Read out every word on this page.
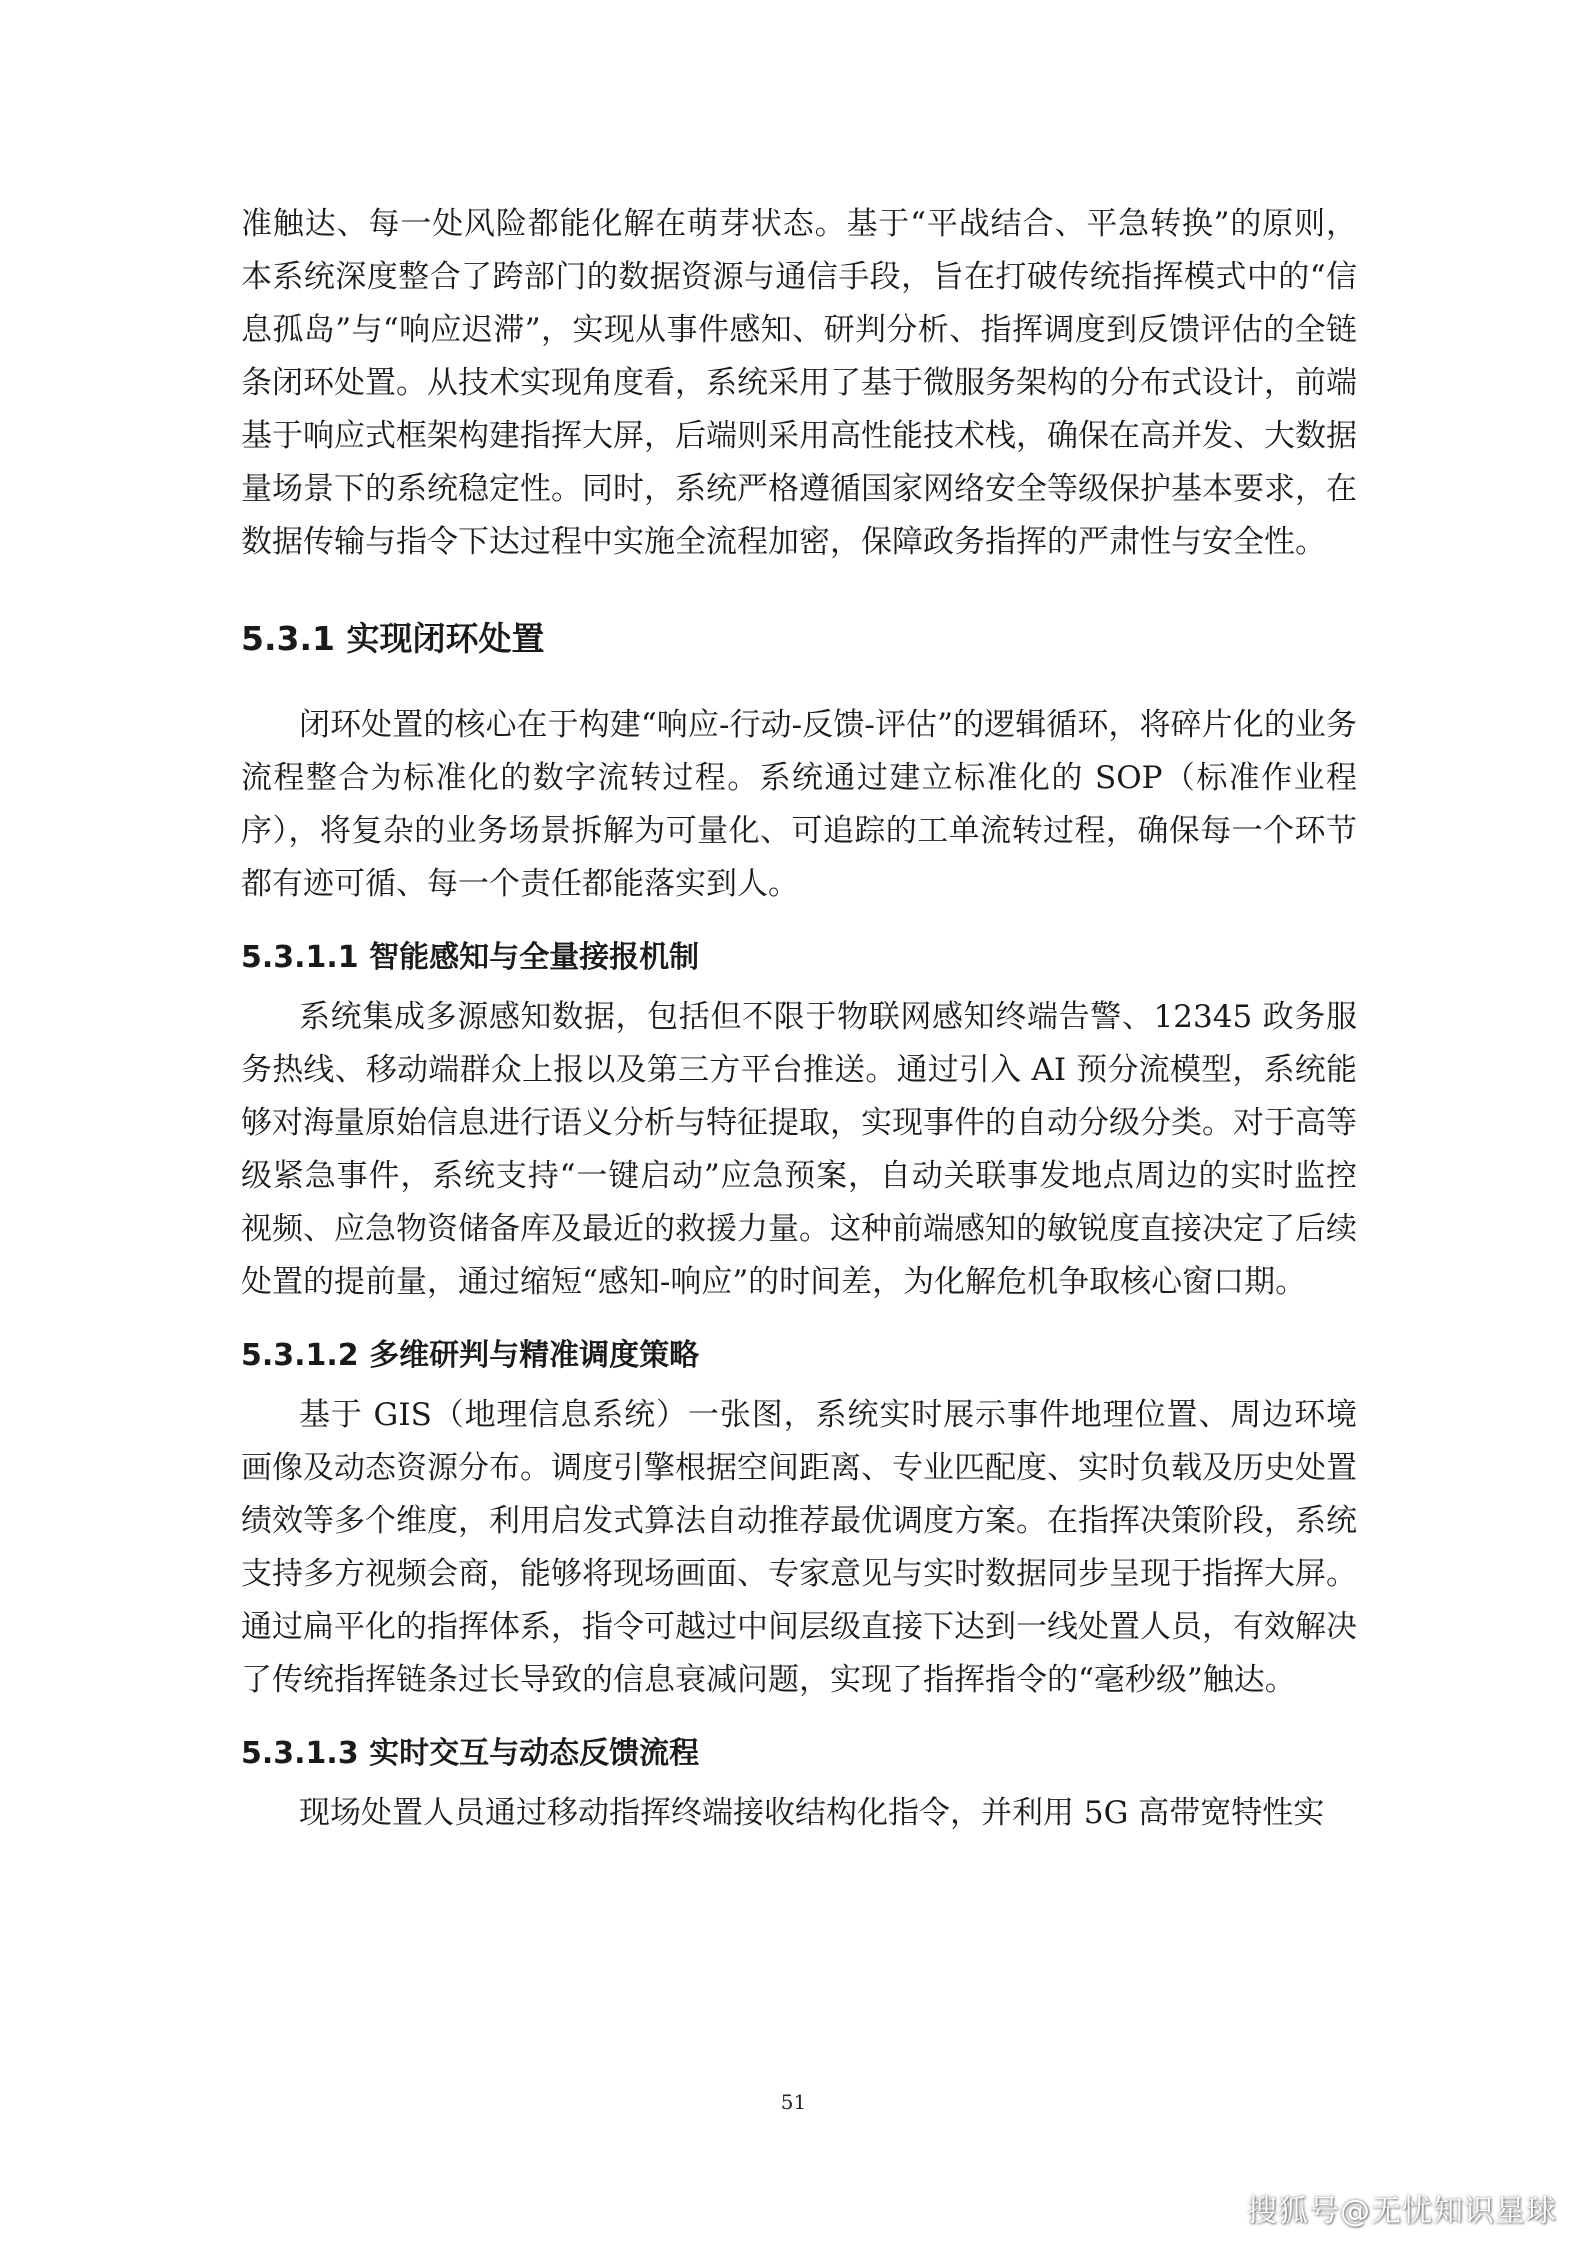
准触达、每一处风险都能化解在萌芽状态。基于“平战结合、平急转换”的原则，本系统深度整合了跨部门的数据资源与通信手段，旨在打破传统指挥模式中的“信息孤岛”与“响应迟滞”，实现从事件感知、研判分析、指挥调度到反馈评估的全链条闭环处置。从技术实现角度看，系统采用了基于微服务架构的分布式设计，前端基于响应式框架构建指挥大屏，后端则采用高性能技术栈，确保在高并发、大数据量场景下的系统稳定性。同时，系统严格遵循国家网络安全等级保护基本要求，在数据传输与指令下达过程中实施全流程加密，保障政务指挥的严肃性与安全性。

5.3.1 实现闭环处置

闭环处置的核心在于构建“响应-行动-反馈-评估”的逻辑循环，将碎片化的业务流程整合为标准化的数字流转过程。系统通过建立标准化的 SOP（标准作业程序），将复杂的业务场景拆解为可量化、可追踪的工单流转过程，确保每一个环节都有迹可循、每一个责任都能落实到人。

5.3.1.1 智能感知与全量接报机制

系统集成多源感知数据，包括但不限于物联网感知终端告警、12345 政务服务热线、移动端群众上报以及第三方平台推送。通过引入 AI 预分流模型，系统能够对海量原始信息进行语义分析与特征提取，实现事件的自动分级分类。对于高等级紧急事件，系统支持“一键启动”应急预案，自动关联事发地点周边的实时监控视频、应急物资储备库及最近的救援力量。这种前端感知的敏锐度直接决定了后续处置的提前量，通过缩短“感知-响应”的时间差，为化解危机争取核心窗口期。

5.3.1.2 多维研判与精准调度策略

基于 GIS（地理信息系统）一张图，系统实时展示事件地理位置、周边环境画像及动态资源分布。调度引擎根据空间距离、专业匹配度、实时负载及历史处置绩效等多个维度，利用启发式算法自动推荐最优调度方案。在指挥决策阶段，系统支持多方视频会商，能够将现场画面、专家意见与实时数据同步呈现于指挥大屏。通过扁平化的指挥体系，指令可越过中间层级直接下达到一线处置人员，有效解决了传统指挥链条过长导致的信息衰减问题，实现了指挥指令的“毫秒级”触达。

5.3.1.3 实时交互与动态反馈流程

现场处置人员通过移动指挥终端接收结构化指令，并利用 5G 高带宽特性实

51
搜狐号@无忧知识星球
